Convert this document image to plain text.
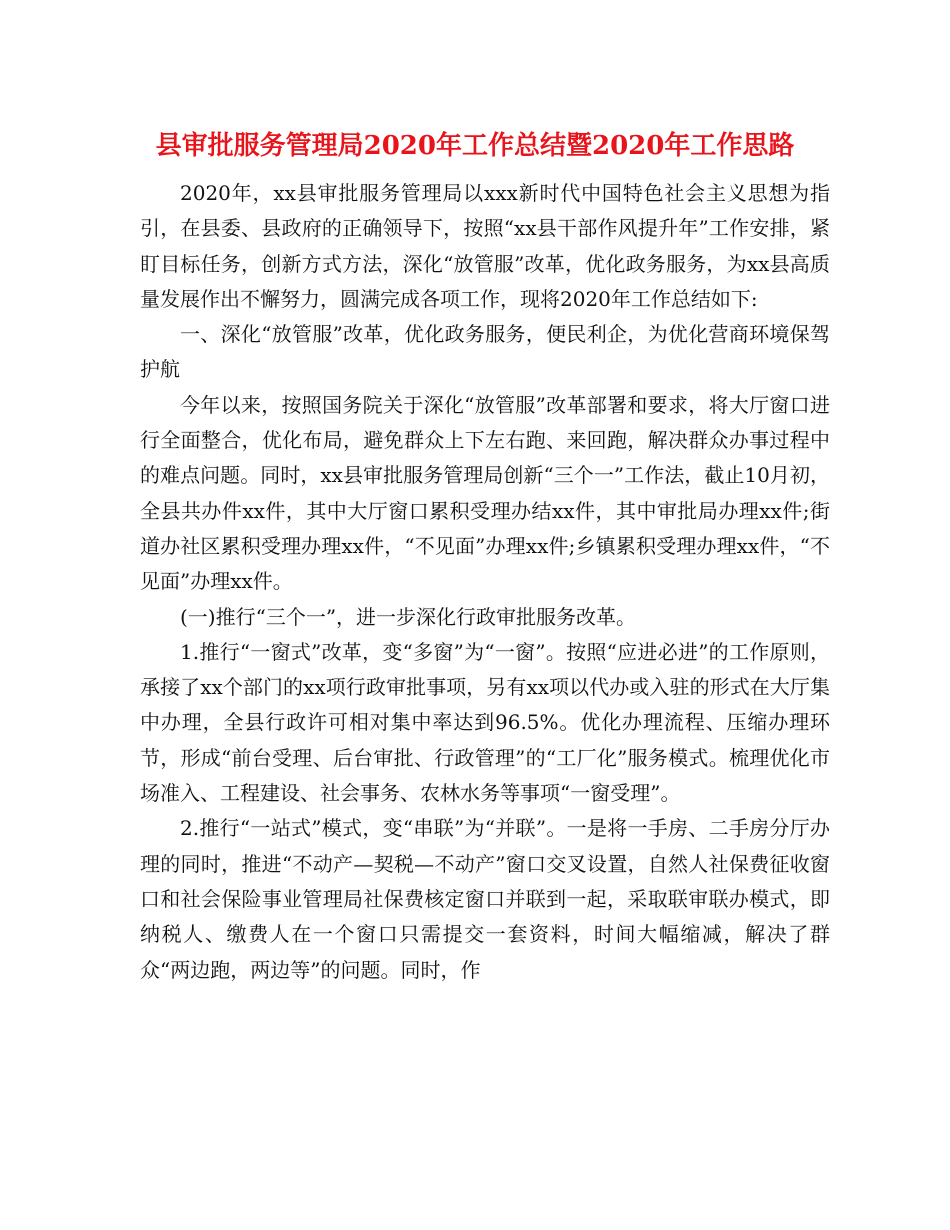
县审批服务管理局2020年工作总结暨2020年工作思路

2020年，xx县审批服务管理局以xxx新时代中国特色社会主义思想为指引，在县委、县政府的正确领导下，按照“xx县干部作风提升年”工作安排，紧盯目标任务，创新方式方法，深化“放管服”改革，优化政务服务，为xx县高质量发展作出不懈努力，圆满完成各项工作，现将2020年工作总结如下:

一、深化“放管服”改革，优化政务服务，便民利企，为优化营商环境保驾护航

今年以来，按照国务院关于深化“放管服”改革部署和要求，将大厅窗口进行全面整合，优化布局，避免群众上下左右跑、来回跑，解决群众办事过程中的难点问题。同时，xx县审批服务管理局创新“三个一”工作法，截止10月初，全县共办件xx件，其中大厅窗口累积受理办结xx件，其中审批局办理xx件;街道办社区累积受理办理xx件，“不见面”办理xx件;乡镇累积受理办理xx件，“不见面”办理xx件。

(一)推行“三个一”，进一步深化行政审批服务改革。

1.推行“一窗式”改革，变“多窗”为“一窗”。按照“应进必进”的工作原则，承接了xx个部门的xx项行政审批事项，另有xx项以代办或入驻的形式在大厅集中办理，全县行政许可相对集中率达到96.5%。优化办理流程、压缩办理环节，形成“前台受理、后台审批、行政管理”的“工厂化”服务模式。梳理优化市场准入、工程建设、社会事务、农林水务等事项“一窗受理”。

2.推行“一站式”模式，变“串联”为“并联”。一是将一手房、二手房分厅办理的同时，推进“不动产—契税—不动产”窗口交叉设置，自然人社保费征收窗口和社会保险事业管理局社保费核定窗口并联到一起，采取联审联办模式，即纳税人、缴费人在一个窗口只需提交一套资料，时间大幅缩减，解决了群众“两边跑，两边等”的问题。同时，作
